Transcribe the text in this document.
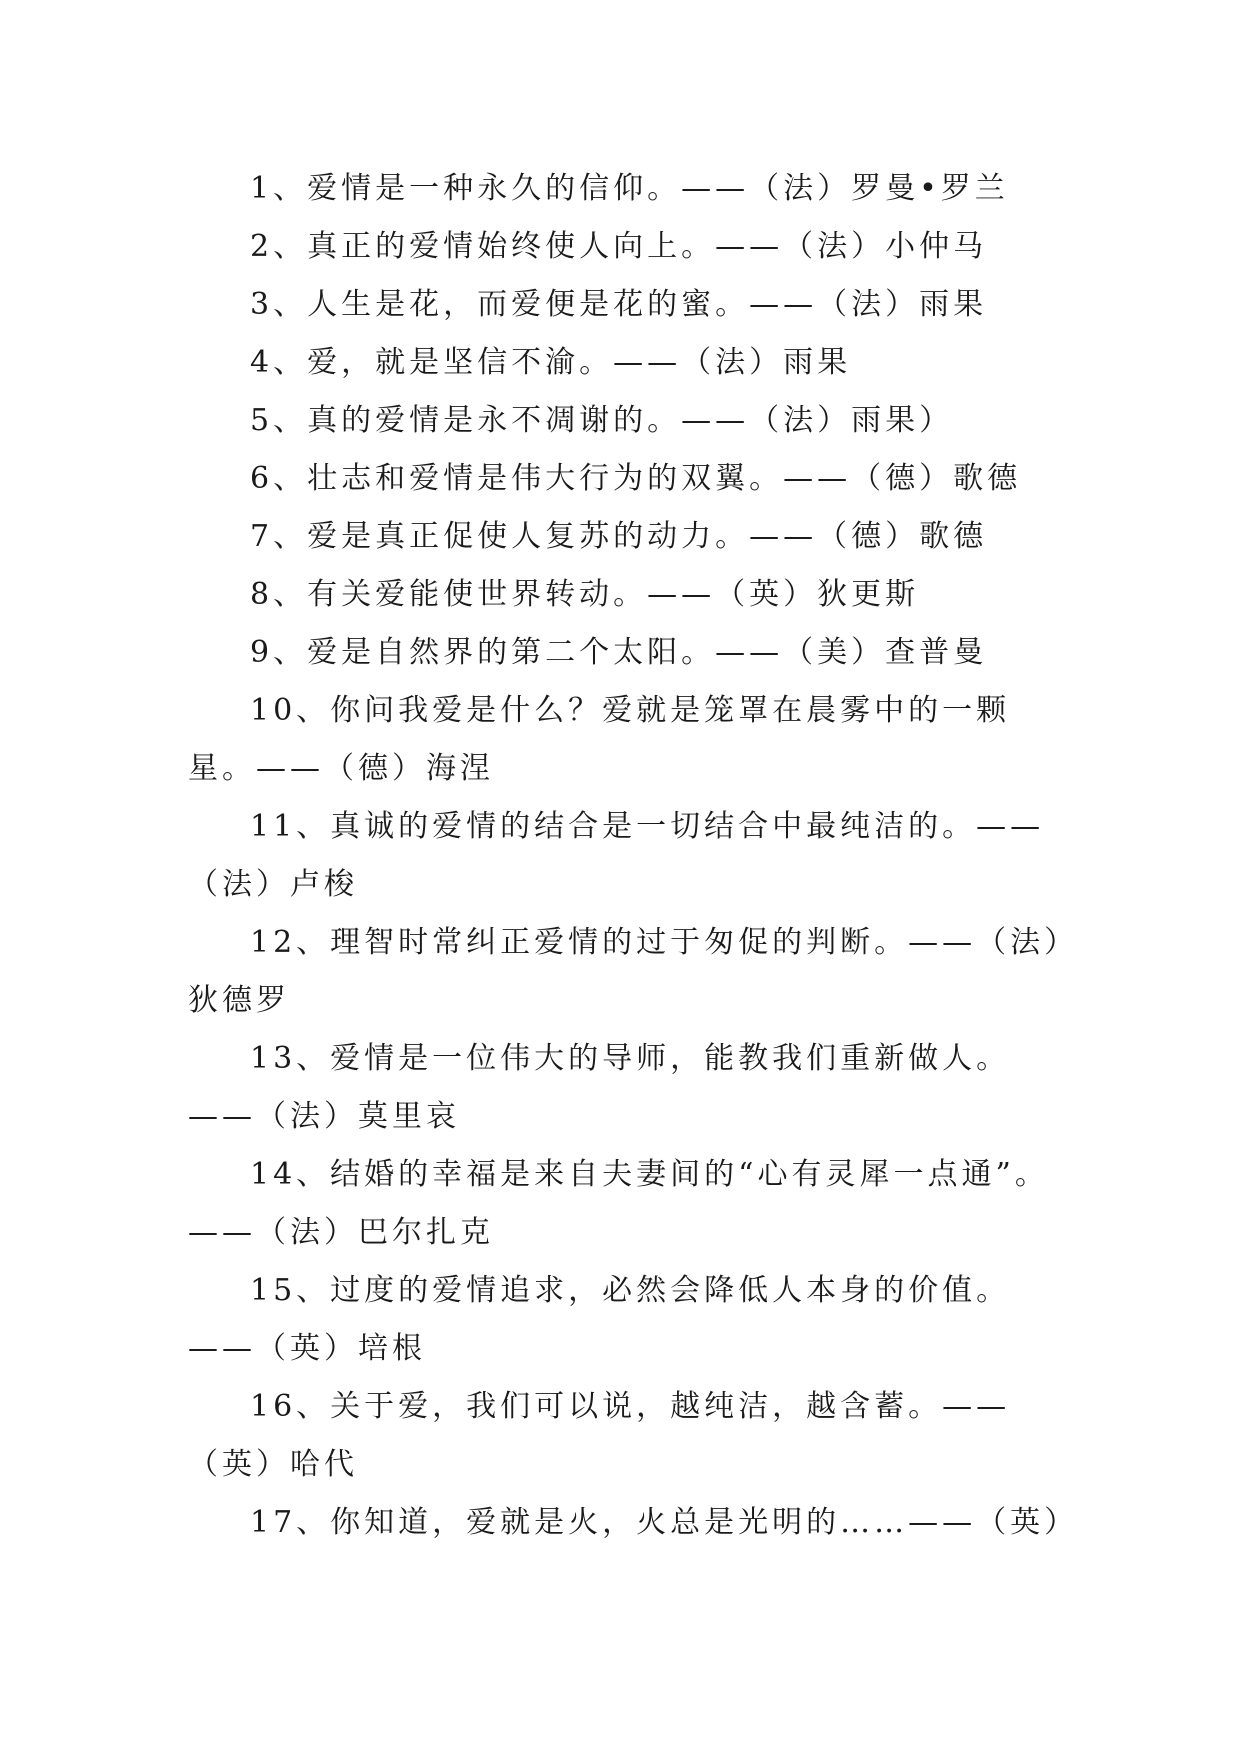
1、爱情是一种永久的信仰。——（法）罗曼•罗兰

2、真正的爱情始终使人向上。——（法）小仲马

3、人生是花，而爱便是花的蜜。——（法）雨果

4、爱，就是坚信不渝。——（法）雨果

5、真的爱情是永不凋谢的。——（法）雨果）

6、壮志和爱情是伟大行为的双翼。——（德）歌德

7、爱是真正促使人复苏的动力。——（德）歌德

8、有关爱能使世界转动。——（英）狄更斯

9、爱是自然界的第二个太阳。——（美）查普曼

10、你问我爱是什么？爱就是笼罩在晨雾中的一颗星。——（德）海涅

11、真诚的爱情的结合是一切结合中最纯洁的。——（法）卢梭

12、理智时常纠正爱情的过于匆促的判断。——（法）狄德罗

13、爱情是一位伟大的导师，能教我们重新做人。——（法）莫里哀

14、结婚的幸福是来自夫妻间的“心有灵犀一点通”。——（法）巴尔扎克

15、过度的爱情追求，必然会降低人本身的价值。——（英）培根

16、关于爱，我们可以说，越纯洁，越含蓄。——（英）哈代

17、你知道，爱就是火，火总是光明的……——（英）
